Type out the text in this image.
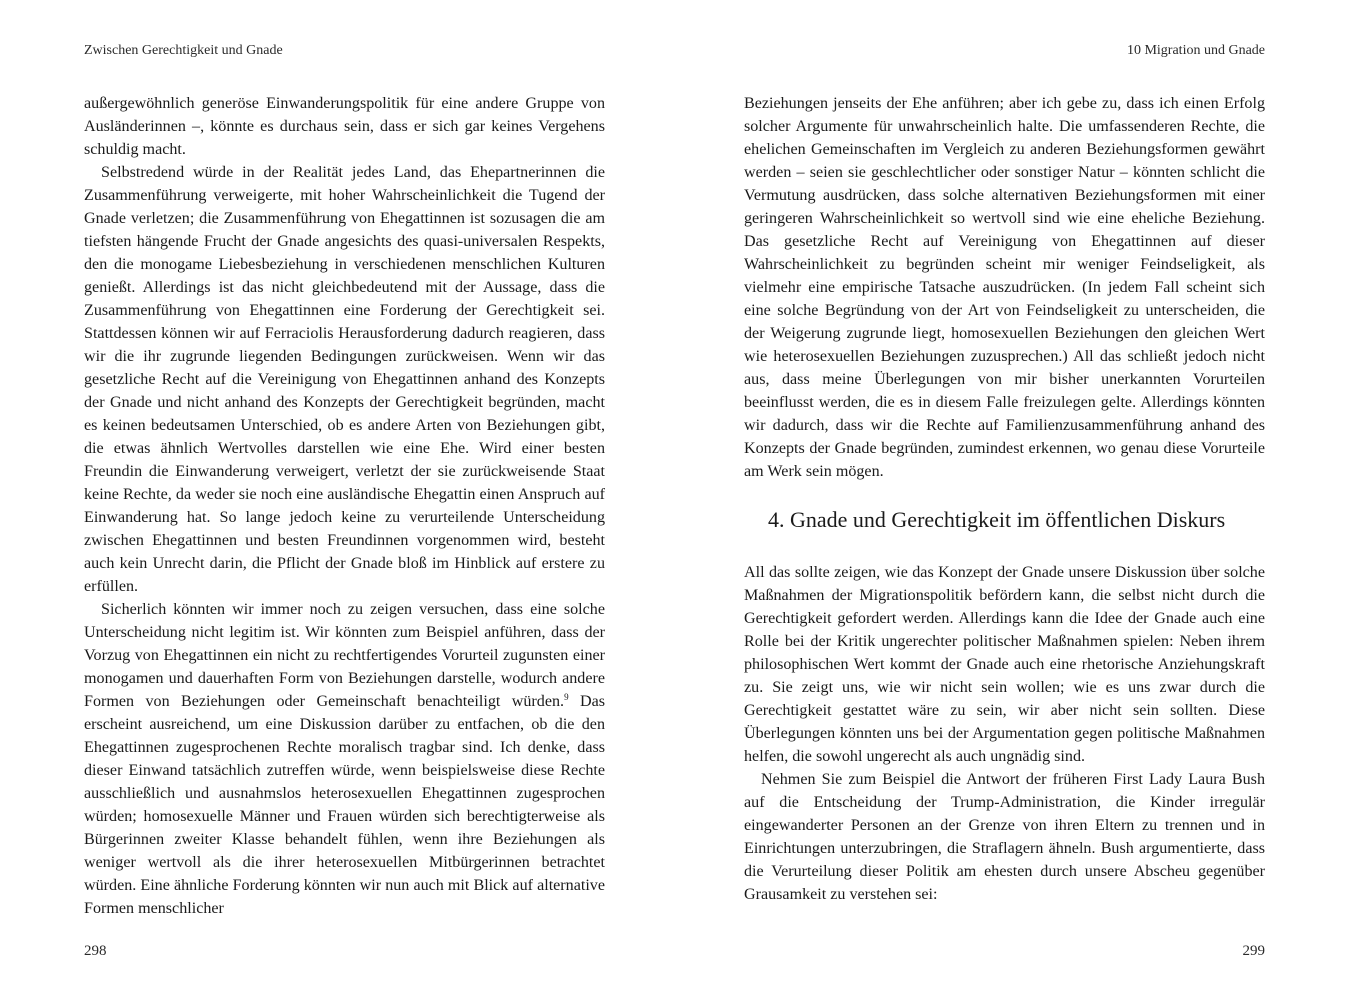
Zwischen Gerechtigkeit und Gnade

außergewöhnlich generöse Einwanderungspolitik für eine andere Gruppe von Ausländerinnen –, könnte es durchaus sein, dass er sich gar keines Vergehens schuldig macht.

Selbstredend würde in der Realität jedes Land, das Ehepartnerinnen die Zusammenführung verweigerte, mit hoher Wahrscheinlichkeit die Tugend der Gnade verletzen; die Zusammenführung von Ehegattinnen ist sozusagen die am tiefsten hängende Frucht der Gnade angesichts des quasi-universalen Respekts, den die monogame Liebesbeziehung in verschiedenen menschlichen Kulturen genießt. Allerdings ist das nicht gleichbedeutend mit der Aussage, dass die Zusammenführung von Ehegattinnen eine Forderung der Gerechtigkeit sei. Stattdessen können wir auf Ferraciolis Herausforderung dadurch reagieren, dass wir die ihr zugrunde liegenden Bedingungen zurückweisen. Wenn wir das gesetzliche Recht auf die Vereinigung von Ehegattinnen anhand des Konzepts der Gnade und nicht anhand des Konzepts der Gerechtigkeit begründen, macht es keinen bedeutsamen Unterschied, ob es andere Arten von Beziehungen gibt, die etwas ähnlich Wertvolles darstellen wie eine Ehe. Wird einer besten Freundin die Einwanderung verweigert, verletzt der sie zurückweisende Staat keine Rechte, da weder sie noch eine ausländische Ehegattin einen Anspruch auf Einwanderung hat. So lange jedoch keine zu verurteilende Unterscheidung zwischen Ehegattinnen und besten Freundinnen vorgenommen wird, besteht auch kein Unrecht darin, die Pflicht der Gnade bloß im Hinblick auf erstere zu erfüllen.

Sicherlich könnten wir immer noch zu zeigen versuchen, dass eine solche Unterscheidung nicht legitim ist. Wir könnten zum Beispiel anführen, dass der Vorzug von Ehegattinnen ein nicht zu rechtfertigendes Vorurteil zugunsten einer monogamen und dauerhaften Form von Beziehungen darstelle, wodurch andere Formen von Beziehungen oder Gemeinschaft benachteiligt würden.$^9$ Das erscheint ausreichend, um eine Diskussion darüber zu entfachen, ob die den Ehegattinnen zugesprochenen Rechte moralisch tragbar sind. Ich denke, dass dieser Einwand tatsächlich zutreffen würde, wenn beispielsweise diese Rechte ausschließlich und ausnahmslos heterosexuellen Ehegattinnen zugesprochen würden; homosexuelle Männer und Frauen würden sich berechtigterweise als Bürgerinnen zweiter Klasse behandelt fühlen, wenn ihre Beziehungen als weniger wertvoll als die ihrer heterosexuellen Mitbürgerinnen betrachtet würden. Eine ähnliche Forderung könnten wir nun auch mit Blick auf alternative Formen menschlicher

298
10 Migration und Gnade

Beziehungen jenseits der Ehe anführen; aber ich gebe zu, dass ich einen Erfolg solcher Argumente für unwahrscheinlich halte. Die umfassenderen Rechte, die ehelichen Gemeinschaften im Vergleich zu anderen Beziehungsformen gewährt werden – seien sie geschlechtlicher oder sonstiger Natur – könnten schlicht die Vermutung ausdrücken, dass solche alternativen Beziehungsformen mit einer geringeren Wahrscheinlichkeit so wertvoll sind wie eine eheliche Beziehung. Das gesetzliche Recht auf Vereinigung von Ehegattinnen auf dieser Wahrscheinlichkeit zu begründen scheint mir weniger Feindseligkeit, als vielmehr eine empirische Tatsache auszudrücken. (In jedem Fall scheint sich eine solche Begründung von der Art von Feindseligkeit zu unterscheiden, die der Weigerung zugrunde liegt, homosexuellen Beziehungen den gleichen Wert wie heterosexuellen Beziehungen zuzusprechen.) All das schließt jedoch nicht aus, dass meine Überlegungen von mir bisher unerkannten Vorurteilen beeinflusst werden, die es in diesem Falle freizulegen gelte. Allerdings könnten wir dadurch, dass wir die Rechte auf Familienzusammenführung anhand des Konzepts der Gnade begründen, zumindest erkennen, wo genau diese Vorurteile am Werk sein mögen.

4. Gnade und Gerechtigkeit im öffentlichen Diskurs

All das sollte zeigen, wie das Konzept der Gnade unsere Diskussion über solche Maßnahmen der Migrationspolitik befördern kann, die selbst nicht durch die Gerechtigkeit gefordert werden. Allerdings kann die Idee der Gnade auch eine Rolle bei der Kritik ungerechter politischer Maßnahmen spielen: Neben ihrem philosophischen Wert kommt der Gnade auch eine rhetorische Anziehungskraft zu. Sie zeigt uns, wie wir nicht sein wollen; wie es uns zwar durch die Gerechtigkeit gestattet wäre zu sein, wir aber nicht sein sollten. Diese Überlegungen könnten uns bei der Argumentation gegen politische Maßnahmen helfen, die sowohl ungerecht als auch ungnädig sind.

Nehmen Sie zum Beispiel die Antwort der früheren First Lady Laura Bush auf die Entscheidung der Trump-Administration, die Kinder irregulär eingewanderter Personen an der Grenze von ihren Eltern zu trennen und in Einrichtungen unterzubringen, die Straflagern ähneln. Bush argumentierte, dass die Verurteilung dieser Politik am ehesten durch unsere Abscheu gegenüber Grausamkeit zu verstehen sei:

299
